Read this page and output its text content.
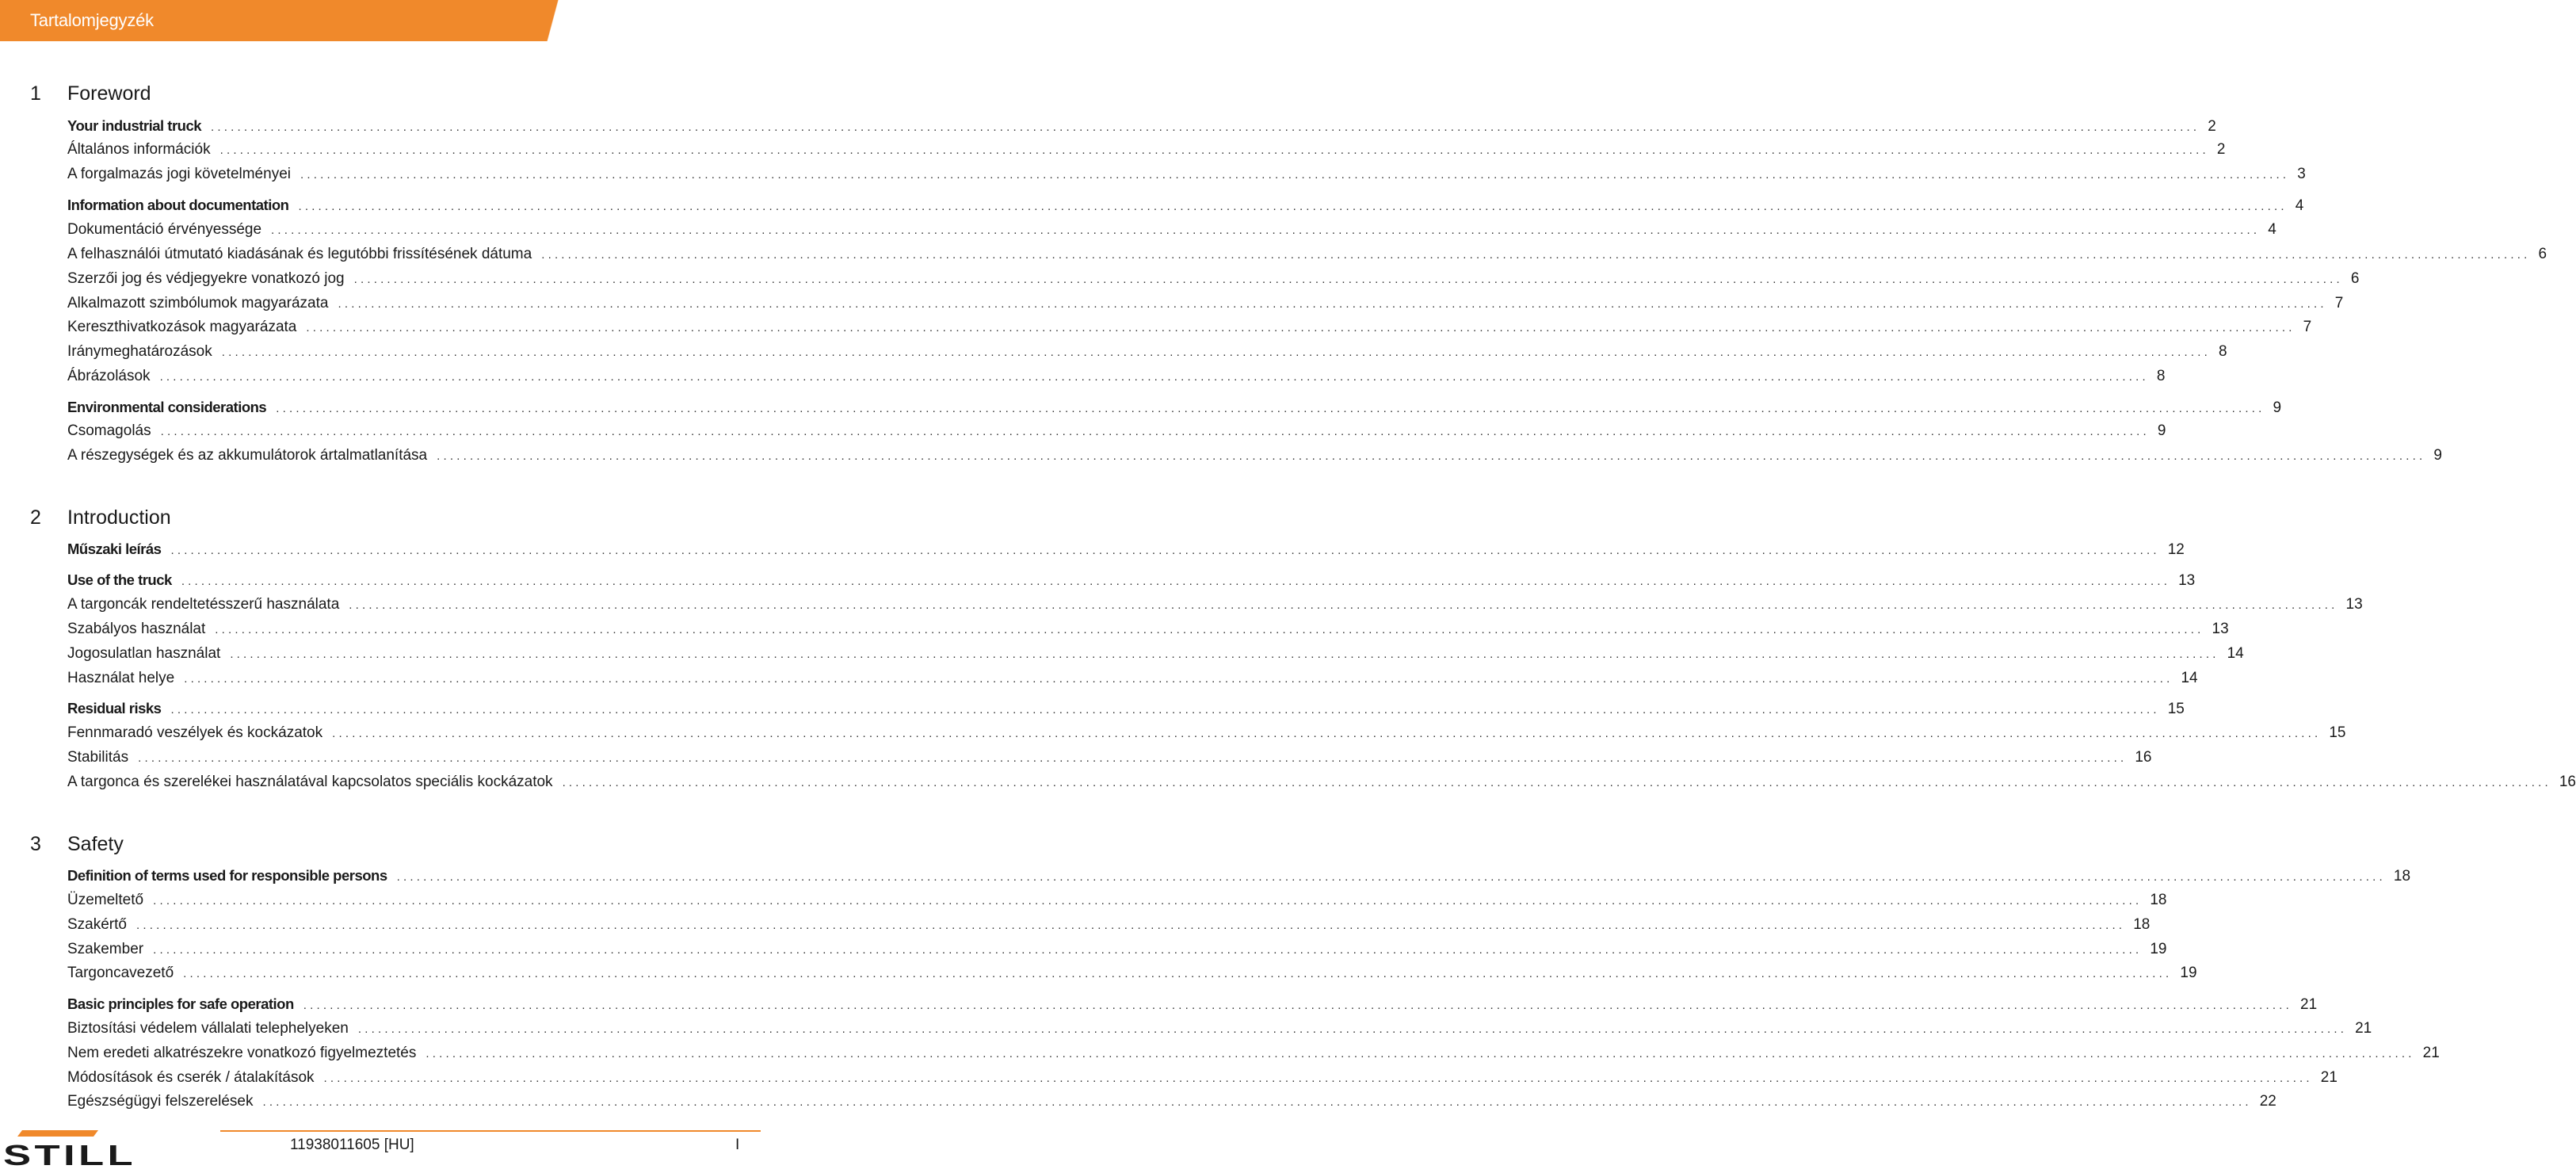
Tartalomjegyzék
1 Foreword
Your industrial truck ............................................................................................................................................................................................................................................................................................................ 2
Általános információk ............................................................................................................................................................................................................................................................................................................ 2
A forgalmazás jogi követelményei ............................................................................................................................................................................................................................................................................................................ 3
Information about documentation ............................................................................................................................................................................................................................................................................................................ 4
Dokumentáció érvényessége ............................................................................................................................................................................................................................................................................................................ 4
A felhasználói útmutató kiadásának és legutóbbi frissítésének dátuma ............................................................................................................................................................................................................................................................................................................ 6
Szerzői jog és védjegyekre vonatkozó jog ............................................................................................................................................................................................................................................................................................................ 6
Alkalmazott szimbólumok magyarázata ............................................................................................................................................................................................................................................................................................................ 7
Kereszthivatkozások magyarázata ............................................................................................................................................................................................................................................................................................................ 7
Iránymeghatározások ............................................................................................................................................................................................................................................................................................................ 8
Ábrázolások ............................................................................................................................................................................................................................................................................................................ 8
Environmental considerations ............................................................................................................................................................................................................................................................................................................ 9
Csomagolás ............................................................................................................................................................................................................................................................................................................ 9
A részegységek és az akkumulátorok ártalmatlanítása ............................................................................................................................................................................................................................................................................................................ 9
2 Introduction
Műszaki leírás ............................................................................................................................................................................................................................................................................................................ 12
Use of the truck ............................................................................................................................................................................................................................................................................................................ 13
A targoncák rendeltetésszerű használata ............................................................................................................................................................................................................................................................................................................ 13
Szabályos használat ............................................................................................................................................................................................................................................................................................................ 13
Jogosulatlan használat ............................................................................................................................................................................................................................................................................................................ 14
Használat helye ............................................................................................................................................................................................................................................................................................................ 14
Residual risks ............................................................................................................................................................................................................................................................................................................ 15
Fennmaradó veszélyek és kockázatok ............................................................................................................................................................................................................................................................................................................ 15
Stabilitás ............................................................................................................................................................................................................................................................................................................ 16
A targonca és szerelékei használatával kapcsolatos speciális kockázatok ............................................................................................................................................................................................................................................................................................................ 16
3 Safety
Definition of terms used for responsible persons ............................................................................................................................................................................................................................................................................................................ 18
Üzemeltető ............................................................................................................................................................................................................................................................................................................ 18
Szakértő ............................................................................................................................................................................................................................................................................................................ 18
Szakember ............................................................................................................................................................................................................................................................................................................ 19
Targoncavezető ............................................................................................................................................................................................................................................................................................................ 19
Basic principles for safe operation ............................................................................................................................................................................................................................................................................................................ 21
Biztosítási védelem vállalati telephelyeken ............................................................................................................................................................................................................................................................................................................ 21
Nem eredeti alkatrészekre vonatkozó figyelmeztetés ............................................................................................................................................................................................................................................................................................................ 21
Módosítások és cserék / átalakítások ............................................................................................................................................................................................................................................................................................................ 21
Egészségügyi felszerelések ............................................................................................................................................................................................................................................................................................................ 22
STILL	11938011605 [HU]	I
